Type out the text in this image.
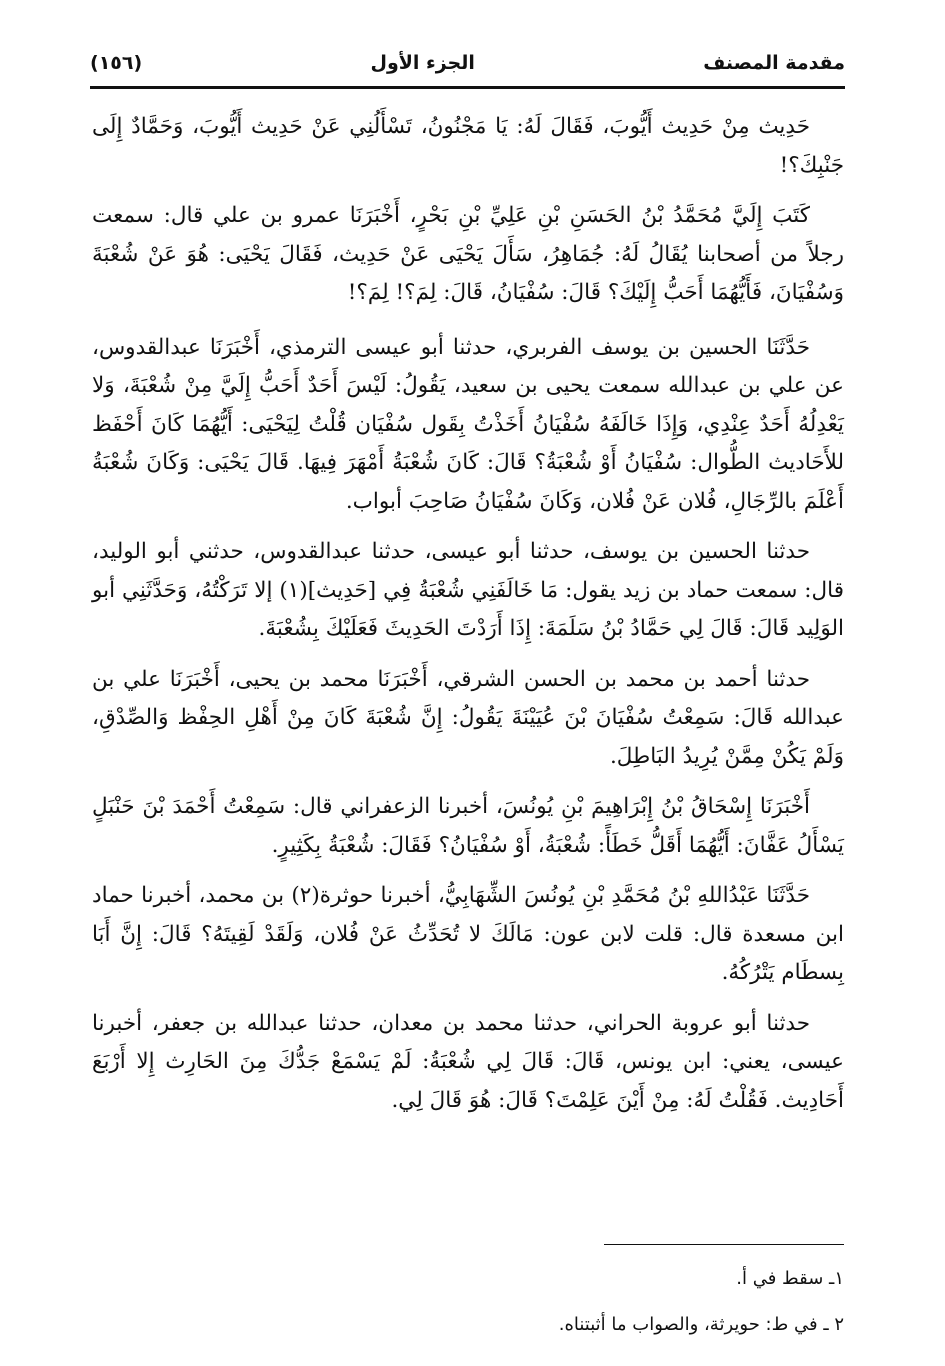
(١٥٦)	الجزء الأول	مقدمة المصنف

حَدِيث مِنْ حَدِيث أَيُّوبَ، فَقَالَ لَهُ: يَا مَجْنُونُ، تَسْأَلُنِي عَنْ حَدِيث أَيُّوبَ، وَحَمَّادٌ إِلَى جَنْبِكَ؟!

كَتَبَ إِلَيَّ مُحَمَّدُ بْنُ الحَسَنِ بْنِ عَلِيِّ بْنِ بَحْرٍ، أَخْبَرَنَا عمرو بن علي قال: سمعت رجلاً من أصحابنا يُقَالُ لَهُ: جُمَاهِرُ، سَأَلَ يَحْيَى عَنْ حَدِيث، فَقَالَ يَحْيَى: هُوَ عَنْ شُعْبَةَ وَسُفْيَانَ، فَأَيُّهُمَا أَحَبُّ إِلَيْكَ؟ قَالَ: سُفْيَانُ، قَالَ: لِمَ؟! لِمَ؟!

حَدَّثَنَا الحسين بن يوسف الفربري، حدثنا أبو عيسى الترمذي، أَخْبَرَنَا عبدالقدوس، عن علي بن عبدالله سمعت يحيى بن سعيد، يَقُولُ: لَيْسَ أَحَدٌ أَحَبُّ إِلَيَّ مِنْ شُعْبَةَ، وَلا يَعْدِلُهُ أَحَدٌ عِنْدِي، وَإِذَا خَالَفَهُ سُفْيَانُ أَخَذْتُ بِقَول سُفْيَان قُلْتُ لِيَحْيَى: أَيُّهُمَا كَانَ أَحْفَظ للأَحَاديث الطُّوال: سُفْيَانُ أَوْ شُعْبَةُ؟ قَالَ: كَانَ شُعْبَةُ أَمْهَرَ فِيهَا. قَالَ يَحْيَى: وَكَانَ شُعْبَةُ أَعْلَمَ بالرِّجَالِ، فُلان عَنْ فُلان، وَكَانَ سُفْيَانُ صَاحِبَ أبواب.

حدثنا الحسين بن يوسف، حدثنا أبو عيسى، حدثنا عبدالقدوس، حدثني أبو الوليد، قال: سمعت حماد بن زيد يقول: مَا خَالَفَنِي شُعْبَةُ فِي [حَدِيث](١) إلا تَرَكْتُهُ، وَحَدَّثَنِي أبو الوَلِيد قَالَ: قَالَ لِي حَمَّادُ بْنُ سَلَمَةَ: إِذَا أَرَدْتَ الحَدِيثَ فَعَلَيْكَ بِشُعْبَةَ.

حدثنا أحمد بن محمد بن الحسن الشرقي، أَخْبَرَنَا محمد بن يحيى، أَخْبَرَنَا علي بن عبدالله قَالَ: سَمِعْتُ سُفْيَانَ بْنَ عُيَيْنَةَ يَقُولُ: إِنَّ شُعْبَةَ كَانَ مِنْ أَهْلِ الحِفْظ وَالصِّدْقِ، وَلَمْ يَكُنْ مِمَّنْ يُرِيدُ البَاطِلَ.

أَخْبَرَنَا إِسْحَاقُ بْنُ إِبْرَاهِيمَ بْنِ يُونُسَ، أخبرنا الزعفراني قال: سَمِعْتُ أَحْمَدَ بْنَ حَنْبَلٍ يَسْأَلُ عَفَّانَ: أَيُّهُمَا أَقَلُّ خَطَأً: شُعْبَةُ، أَوْ سُفْيَانُ؟ فَقَالَ: شُعْبَةُ بِكَثِيرٍ.

حَدَّثَنَا عَبْدُاللهِ بْنُ مُحَمَّدِ بْنِ يُونُسَ الشِّهَابِيُّ، أخبرنا حوثرة(٢) بن محمد، أخبرنا حماد ابن مسعدة قال: قلت لابن عون: مَالَكَ لا تُحَدِّثُ عَنْ فُلان، وَلَقَدْ لَقِيتَهُ؟ قَالَ: إِنَّ أَبَا بِسطَام يَتْرُكُهُ.

حدثنا أبو عروبة الحراني، حدثنا محمد بن معدان، حدثنا عبدالله بن جعفر، أخبرنا عيسى، يعني: ابن يونس، قَالَ: قَالَ لِي شُعْبَةُ: لَمْ يَسْمَعْ جَدُّكَ مِنَ الحَارِث إِلا أَرْبَعَ أَحَادِيث. فَقُلْتُ لَهُ: مِنْ أَيْنَ عَلِمْتَ؟ قَالَ: هُوَ قَالَ لِي.

١ـ سقط في أ.

٢ ـ في ط: حويرثة، والصواب ما أثبتناه.
